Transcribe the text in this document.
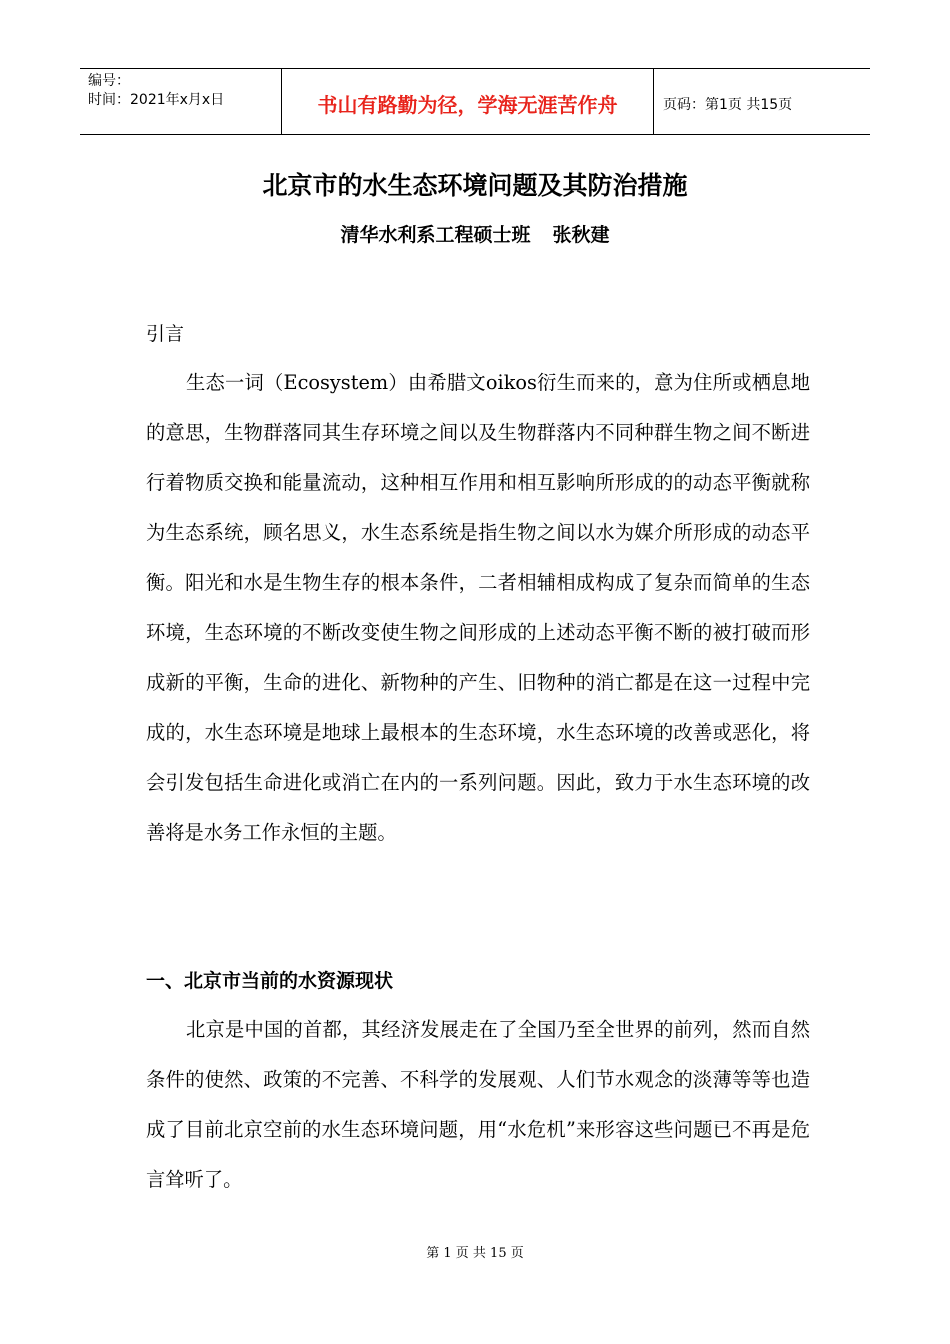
编号：
时间：2021年x月x日	书山有路勤为径，学海无涯苦作舟	页码：第1页 共15页
北京市的水生态环境问题及其防治措施
清华水利系工程硕士班 张秋建
引言

生态一词（Ecosystem）由希腊文oikos衍生而来的，意为住所或栖息地的意思，生物群落同其生存环境之间以及生物群落内不同种群生物之间不断进行着物质交换和能量流动，这种相互作用和相互影响所形成的的动态平衡就称为生态系统，顾名思义，水生态系统是指生物之间以水为媒介所形成的动态平衡。阳光和水是生物生存的根本条件，二者相辅相成构成了复杂而简单的生态环境，生态环境的不断改变使生物之间形成的上述动态平衡不断的被打破而形成新的平衡，生命的进化、新物种的产生、旧物种的消亡都是在这一过程中完成的，水生态环境是地球上最根本的生态环境，水生态环境的改善或恶化，将会引发包括生命进化或消亡在内的一系列问题。因此，致力于水生态环境的改善将是水务工作永恒的主题。

一、北京市当前的水资源现状

北京是中国的首都，其经济发展走在了全国乃至全世界的前列，然而自然条件的使然、政策的不完善、不科学的发展观、人们节水观念的淡薄等等也造成了目前北京空前的水生态环境问题，用“水危机”来形容这些问题已不再是危言耸听了。

第 1 页 共 15 页
